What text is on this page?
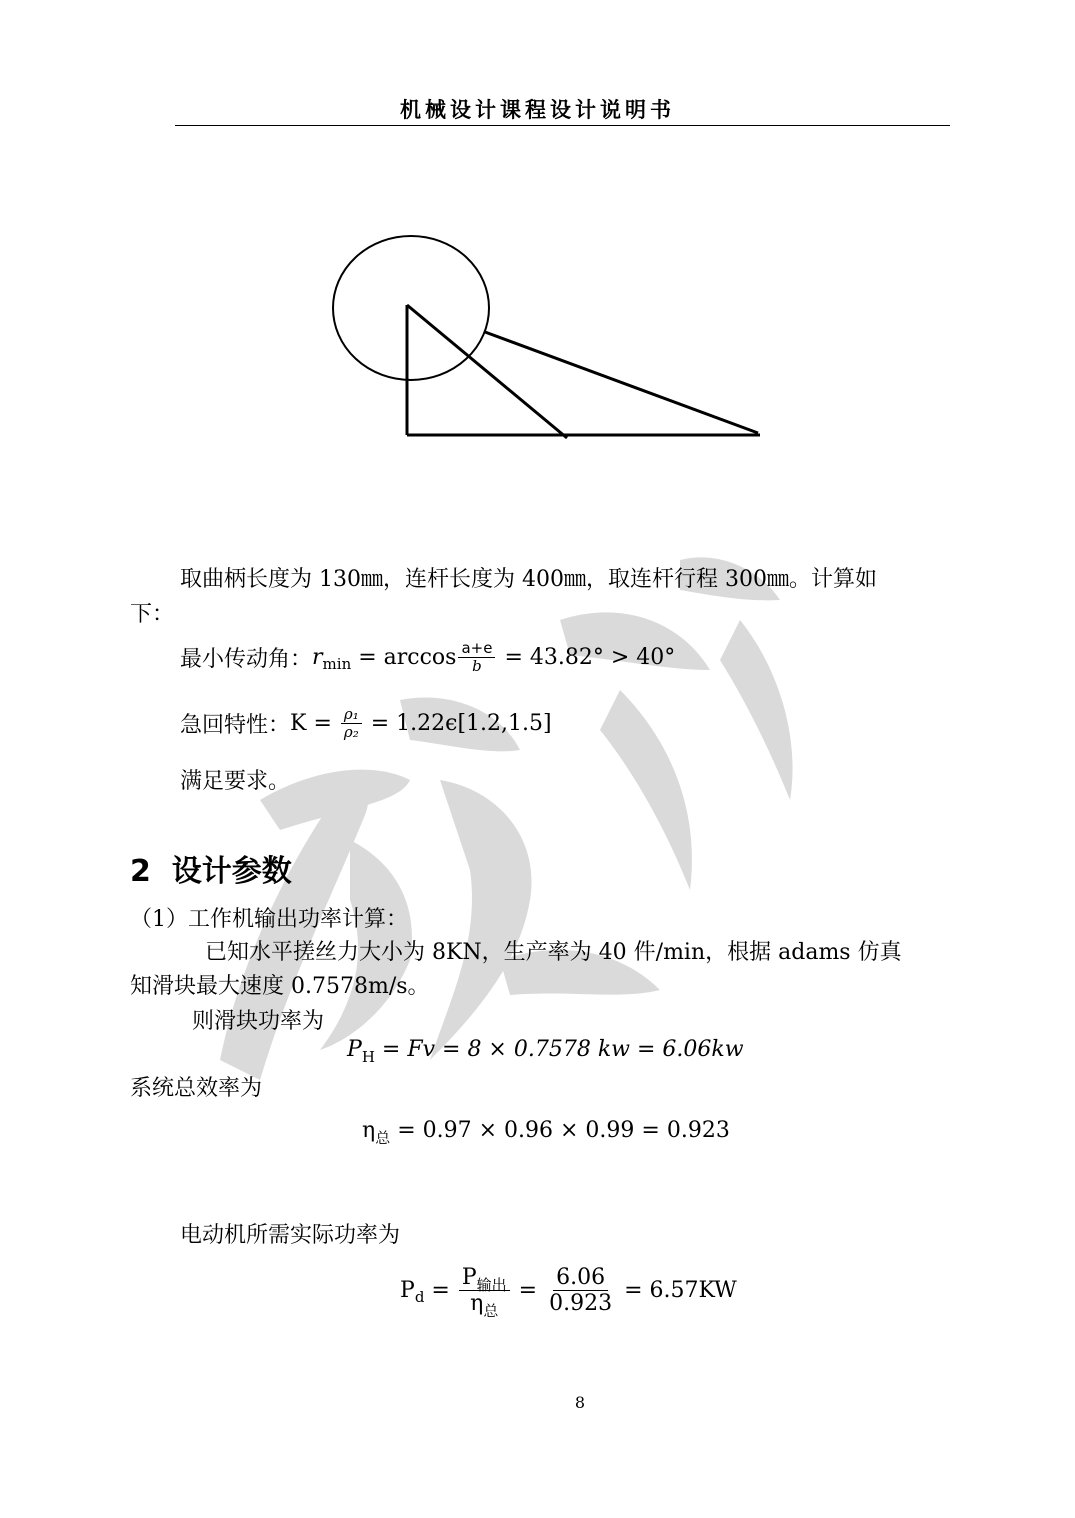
机械设计课程设计说明书
取曲柄长度为 130㎜，连杆长度为 400㎜，取连杆行程 300㎜。计算如
下：
最小传动角： r $\min = \arccos \frac{a+e}{b} = 43.82^\circ > 40^\circ$
急回特性： $K = \frac{\text{ρ₁}}{\text{ρ₂}} = 1.22\epsilon[1.2,1.5]$
满足要求。
2  设计参数
（1）工作机输出功率计算：
已知水平搓丝力大小为 8KN，生产率为 40 件/min，根据 adams 仿真
知滑块最大速度 0.7578m/s。
则滑块功率为
$P_H = Fv = 8 \times 0.7578$ kw = 6.06kw
系统总效率为
$\eta_总 = 0.97 \times 0.96 \times 0.99 = 0.923$
电动机所需实际功率为
P $d = \frac{P_{输出}}{\eta_总} = \frac{6.06}{0.923} = 6.57KW$
8
